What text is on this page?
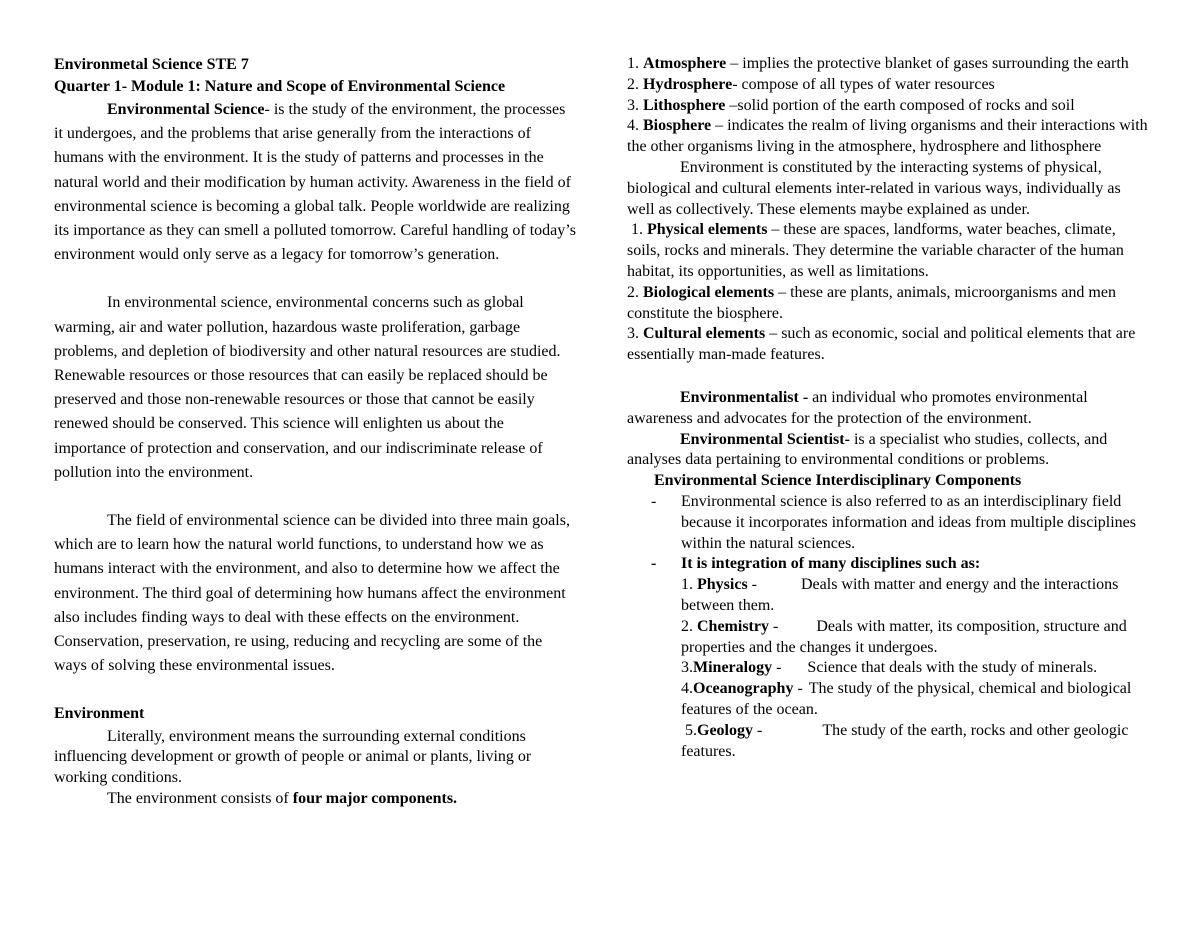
Environmetal Science STE 7

Quarter 1- Module 1: Nature and Scope of Environmental Science

Environmental Science- is the study of the environment, the processes it undergoes, and the problems that arise generally from the interactions of humans with the environment. It is the study of patterns and processes in the natural world and their modification by human activity. Awareness in the field of environmental science is becoming a global talk. People worldwide are realizing its importance as they can smell a polluted tomorrow. Careful handling of today’s environment would only serve as a legacy for tomorrow’s generation.

In environmental science, environmental concerns such as global warming, air and water pollution, hazardous waste proliferation, garbage problems, and depletion of biodiversity and other natural resources are studied. Renewable resources or those resources that can easily be replaced should be preserved and those non-renewable resources or those that cannot be easily renewed should be conserved. This science will enlighten us about the importance of protection and conservation, and our indiscriminate release of pollution into the environment.

The field of environmental science can be divided into three main goals, which are to learn how the natural world functions, to understand how we as humans interact with the environment, and also to determine how we affect the environment. The third goal of determining how humans affect the environment also includes finding ways to deal with these effects on the environment. Conservation, preservation, re using, reducing and recycling are some of the ways of solving these environmental issues.

Environment

Literally, environment means the surrounding external conditions influencing development or growth of people or animal or plants, living or working conditions.

The environment consists of four major components.

1. Atmosphere – implies the protective blanket of gases surrounding the earth

2. Hydrosphere- compose of all types of water resources

3. Lithosphere –solid portion of the earth composed of rocks and soil

4. Biosphere – indicates the realm of living organisms and their interactions with the other organisms living in the atmosphere, hydrosphere and lithosphere

Environment is constituted by the interacting systems of physical, biological and cultural elements inter-related in various ways, individually as well as collectively. These elements maybe explained as under.

1. Physical elements – these are spaces, landforms, water beaches, climate, soils, rocks and minerals. They determine the variable character of the human habitat, its opportunities, as well as limitations.

2. Biological elements – these are plants, animals, microorganisms and men constitute the biosphere.

3. Cultural elements – such as economic, social and political elements that are essentially man-made features.

Environmentalist - an individual who promotes environmental awareness and advocates for the protection of the environment.

Environmental Scientist- is a specialist who studies, collects, and analyses data pertaining to environmental conditions or problems.

Environmental Science Interdisciplinary Components

- Environmental science is also referred to as an interdisciplinary field because it incorporates information and ideas from multiple disciplines within the natural sciences.

- It is integration of many disciplines such as:

1. Physics -	Deals with matter and energy and the interactions between them.

2. Chemistry - Deals with matter, its composition, structure and properties and the changes it undergoes.

3.Mineralogy - Science that deals with the study of minerals.

4.Oceanography - The study of the physical, chemical and biological features of the ocean.

5.Geology -	The study of the earth, rocks and other geologic features.
